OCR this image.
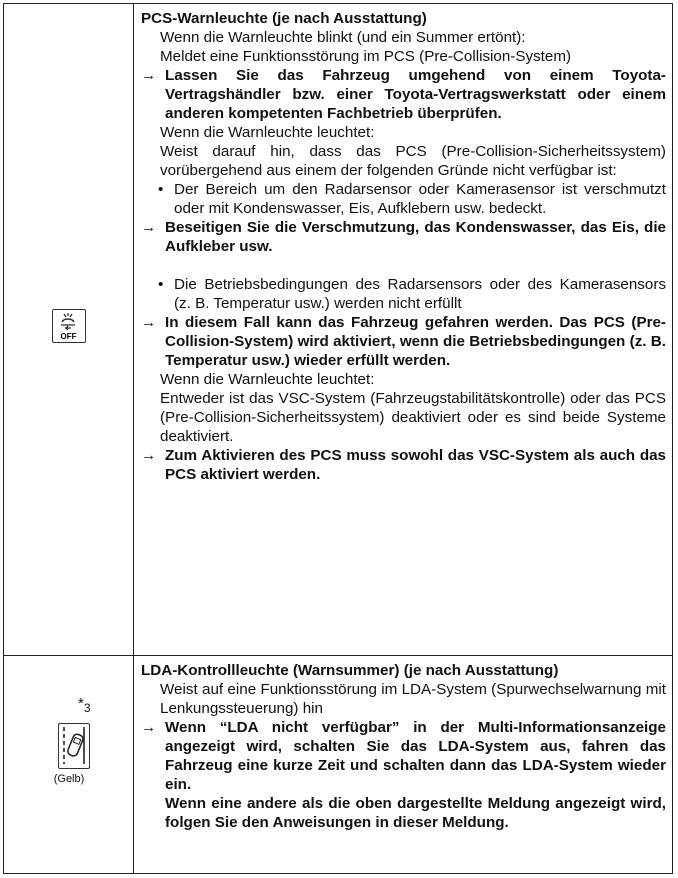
OFF
PCS-Warnleuchte (je nach Ausstattung)
Wenn die Warnleuchte blinkt (und ein Summer ertönt):
Meldet eine Funktionsstörung im PCS (Pre-Collision-System)
→ Lassen Sie das Fahrzeug umgehend von einem Toyota-Vertragshändler bzw. einer Toyota-Vertragswerkstatt oder einem anderen kompetenten Fachbetrieb überprüfen.
Wenn die Warnleuchte leuchtet:
Weist darauf hin, dass das PCS (Pre-Collision-Sicherheitssystem) vorübergehend aus einem der folgenden Gründe nicht verfügbar ist:
• Der Bereich um den Radarsensor oder Kamerasensor ist verschmutzt oder mit Kondenswasser, Eis, Aufklebern usw. bedeckt.
→ Beseitigen Sie die Verschmutzung, das Kondenswasser, das Eis, die Aufkleber usw.
• Die Betriebsbedingungen des Radarsensors oder des Kamerasensors (z. B. Temperatur usw.) werden nicht erfüllt
→ In diesem Fall kann das Fahrzeug gefahren werden. Das PCS (Pre-Collision-System) wird aktiviert, wenn die Betriebsbedingungen (z. B. Temperatur usw.) wieder erfüllt werden.
Wenn die Warnleuchte leuchtet:
Entweder ist das VSC-System (Fahrzeugstabilitätskontrolle) oder das PCS (Pre-Collision-Sicherheitssystem) deaktiviert oder es sind beide Systeme deaktiviert.
→ Zum Aktivieren des PCS muss sowohl das VSC-System als auch das PCS aktiviert werden.
$*_3$
(Gelb)
LDA-Kontrollleuchte (Warnsummer) (je nach Ausstattung)
Weist auf eine Funktionsstörung im LDA-System (Spurwechselwarnung mit Lenkungssteuerung) hin
→ Wenn “LDA nicht verfügbar” in der Multi-Informationsanzeige angezeigt wird, schalten Sie das LDA-System aus, fahren das Fahrzeug eine kurze Zeit und schalten dann das LDA-System wieder ein.
Wenn eine andere als die oben dargestellte Meldung angezeigt wird, folgen Sie den Anweisungen in dieser Meldung.
